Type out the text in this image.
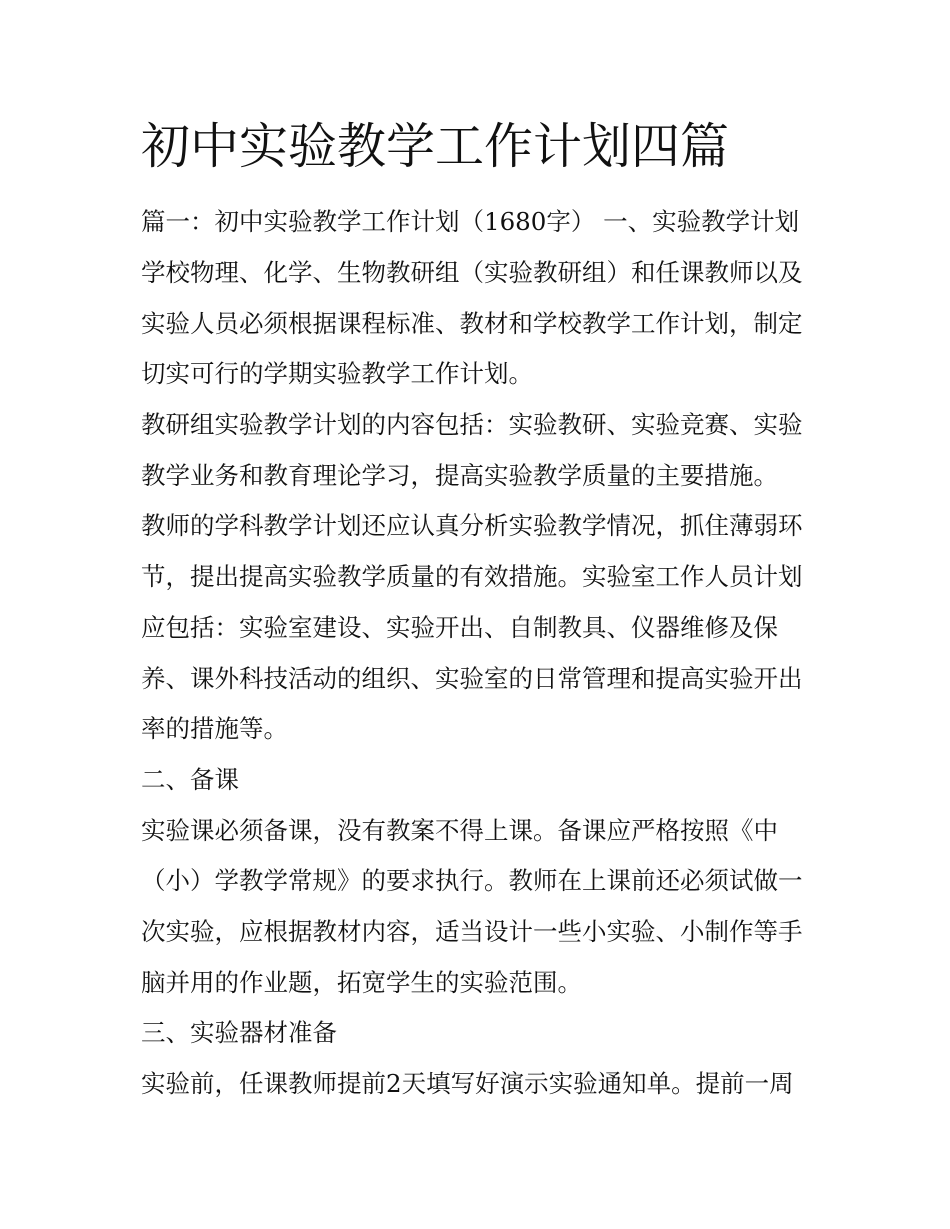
初中实验教学工作计划四篇

篇一：初中实验教学工作计划（1680字） 一、实验教学计划

学校物理、化学、生物教研组（实验教研组）和任课教师以及

实验人员必须根据课程标准、教材和学校教学工作计划，制定

切实可行的学期实验教学工作计划。

教研组实验教学计划的内容包括：实验教研、实验竞赛、实验

教学业务和教育理论学习，提高实验教学质量的主要措施。

教师的学科教学计划还应认真分析实验教学情况，抓住薄弱环

节，提出提高实验教学质量的有效措施。实验室工作人员计划

应包括：实验室建设、实验开出、自制教具、仪器维修及保

养、课外科技活动的组织、实验室的日常管理和提高实验开出

率的措施等。

二、备课

实验课必须备课，没有教案不得上课。备课应严格按照《中

（小）学教学常规》的要求执行。教师在上课前还必须试做一

次实验，应根据教材内容，适当设计一些小实验、小制作等手

脑并用的作业题，拓宽学生的实验范围。

三、实验器材准备

实验前，任课教师提前2天填写好演示实验通知单。提前一周
